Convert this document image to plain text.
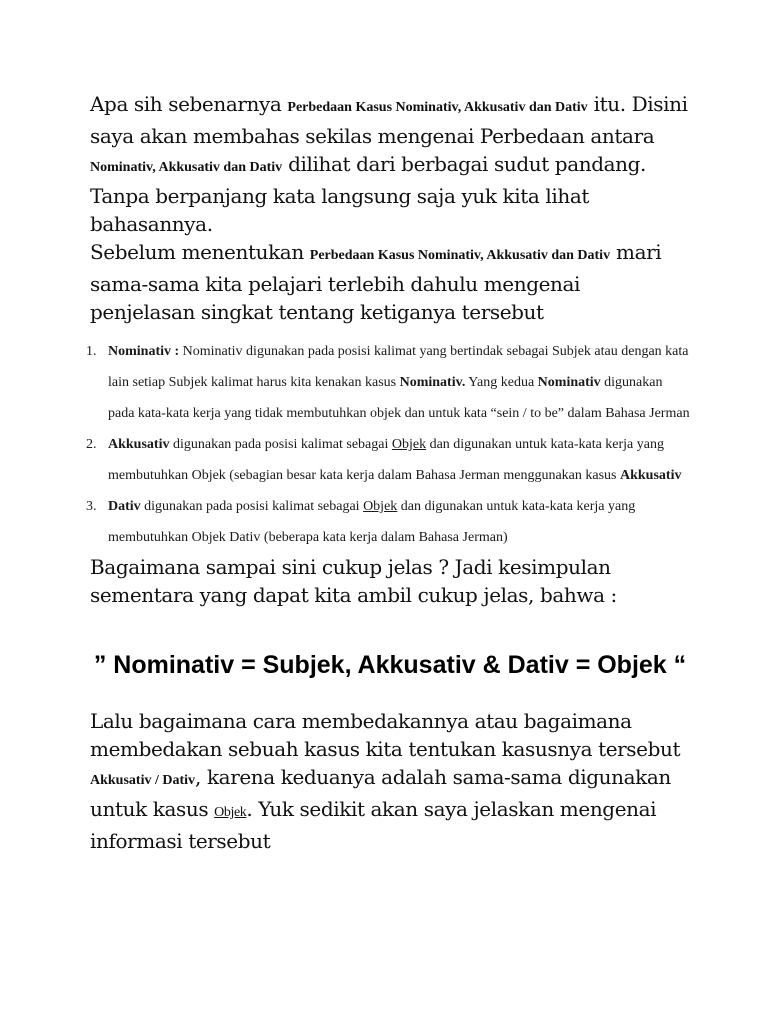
Apa sih sebenarnya Perbedaan Kasus Nominativ, Akkusativ dan Dativ itu. Disini saya akan membahas sekilas mengenai Perbedaan antara Nominativ, Akkusativ dan Dativ dilihat dari berbagai sudut pandang. Tanpa berpanjang kata langsung saja yuk kita lihat bahasannya.

Sebelum menentukan Perbedaan Kasus Nominativ, Akkusativ dan Dativ mari sama-sama kita pelajari terlebih dahulu mengenai penjelasan singkat tentang ketiganya tersebut

1. Nominativ : Nominativ digunakan pada posisi kalimat yang bertindak sebagai Subjek atau dengan kata lain setiap Subjek kalimat harus kita kenakan kasus Nominativ. Yang kedua Nominativ digunakan pada kata-kata kerja yang tidak membutuhkan objek dan untuk kata “sein / to be” dalam Bahasa Jerman
2. Akkusativ digunakan pada posisi kalimat sebagai Objek dan digunakan untuk kata-kata kerja yang membutuhkan Objek (sebagian besar kata kerja dalam Bahasa Jerman menggunakan kasus Akkusativ
3. Dativ digunakan pada posisi kalimat sebagai Objek dan digunakan untuk kata-kata kerja yang membutuhkan Objek Dativ (beberapa kata kerja dalam Bahasa Jerman)

Bagaimana sampai sini cukup jelas ? Jadi kesimpulan sementara yang dapat kita ambil cukup jelas, bahwa :

” Nominativ = Subjek, Akkusativ & Dativ = Objek “

Lalu bagaimana cara membedakannya atau bagaimana membedakan sebuah kasus kita tentukan kasusnya tersebut Akkusativ / Dativ, karena keduanya adalah sama-sama digunakan untuk kasus Objek. Yuk sedikit akan saya jelaskan mengenai informasi tersebut
